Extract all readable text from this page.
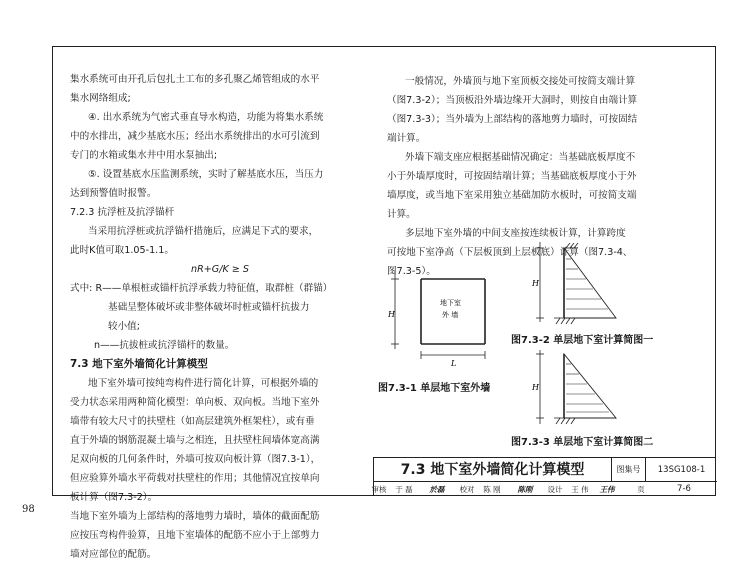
集水系统可由开孔后包扎土工布的多孔聚乙烯管组成的水平

集水网络组成;

④. 出水系统为气密式垂直导水构造，功能为将集水系统

中的水排出，减少基底水压；经出水系统排出的水可引流到

专门的水箱或集水井中用水泵抽出;

⑤. 设置基底水压监测系统，实时了解基底水压，当压力

达到预警值时报警。

7.2.3 抗浮桩及抗浮锚杆

当采用抗浮桩或抗浮锚杆措施后，应满足下式的要求，

此时K值可取1.05-1.1。

nR+G/K ≥ S

式中: R——单根桩或锚杆抗浮承载力特征值，取群桩（群锚）

基础呈整体破坏或非整体破坏时桩或锚杆抗拔力

较小值;

n——抗拔桩或抗浮锚杆的数量。

7.3 地下室外墙简化计算模型

地下室外墙可按纯弯构件进行简化计算，可根据外墙的

受力状态采用两种简化模型：单向板、双向板。当地下室外

墙带有较大尺寸的扶壁柱（如高层建筑外框架柱），或有垂

直于外墙的钢筋混凝土墙与之相连，且扶壁柱间墙体宽高满

足双向板的几何条件时，外墙可按双向板计算（图7.3-1），

但应验算外墙水平荷载对扶壁柱的作用；其他情况宜按单向

板计算（图7.3-2）。

当地下室外墙为上部结构的落地剪力墙时，墙体的截面配筋

应按压弯构件验算，且地下室墙体的配筋不应小于上部剪力

墙对应部位的配筋。

一般情况，外墙顶与地下室顶板交接处可按简支端计算

（图7.3-2）；当顶板沿外墙边缘开大洞时，则按自由端计算

（图7.3-3）；当外墙为上部结构的落地剪力墙时，可按固结

端计算。

外墙下端支座应根据基础情况确定：当基础底板厚度不

小于外墙厚度时，可按固结端计算；当基础底板厚度小于外

墙厚度，或当地下室采用独立基础加防水板时，可按简支端

计算。

多层地下室外墙的中间支座按连续板计算，计算跨度

可按地下室净高（下层板顶到上层板底）计算（图7.3-4、

图7.3-5）。

H
L
地下室
外 墙
图7.3-1 单层地下室外墙
H
图7.3-2 单层地下室计算简图一
H
图7.3-3 单层地下室计算简图二
7.3 地下室外墙简化计算模型	图集号	13SG108-1
审核	于 磊	於磊	校对	陈 刚	陈刚	设计	王 伟	王伟	页	7-6
98
